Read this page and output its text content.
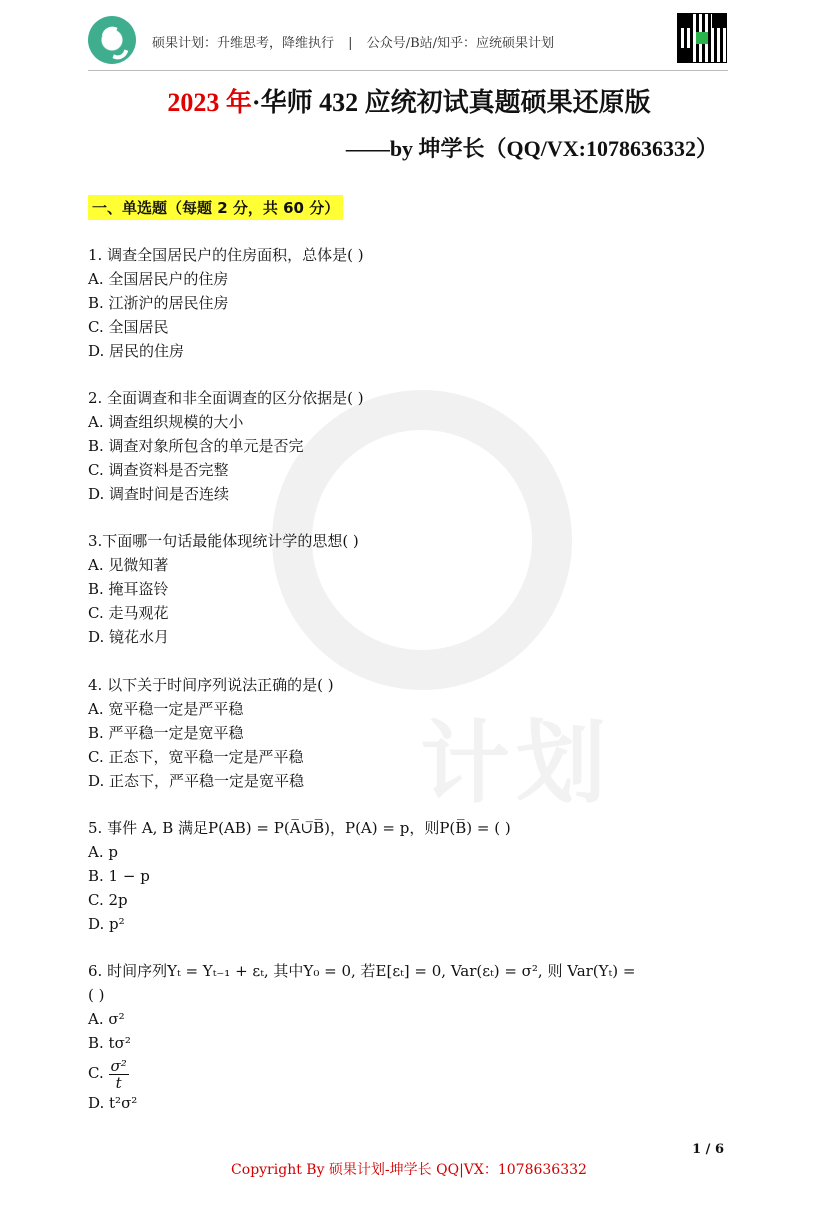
硕果计划：升维思考，降维执行 | 公众号/B站/知乎：应统硕果计划
计划
2023 年·华师 432 应统初试真题硕果还原版
——by 坤学长（QQ/VX:1078636332）
一、单选题（每题 2 分，共 60 分）
1. 调查全国居民户的住房面积，总体是( )
A. 全国居民户的住房
B. 江浙沪的居民住房
C. 全国居民
D. 居民的住房
2. 全面调查和非全面调查的区分依据是( )
A. 调查组织规模的大小
B. 调查对象所包含的单元是否完
C. 调查资料是否完整
D. 调查时间是否连续
3.下面哪一句话最能体现统计学的思想( )
A. 见微知著
B. 掩耳盗铃
C. 走马观花
D. 镜花水月
4. 以下关于时间序列说法正确的是( )
A. 宽平稳一定是严平稳
B. 严平稳一定是宽平稳
C. 正态下，宽平稳一定是严平稳
D. 正态下，严平稳一定是宽平稳
5. 事件 A, B 满足P(AB) = P(A̅∪̅B̅)，P(A) = p，则P(B̅) = ( )
A. p
B. 1 − p
C. 2p
D. p²
6. 时间序列Yₜ = Yₜ₋₁ + εₜ, 其中Y₀ = 0, 若E[εₜ] = 0, Var(εₜ) = σ², 则 Var(Yₜ) =
( )
A. σ²
B. tσ²
C. $\frac{\text{σ²}}{t}$
D. t²σ²
1 / 6
Copyright By 硕果计划-坤学长 QQ|VX：1078636332
